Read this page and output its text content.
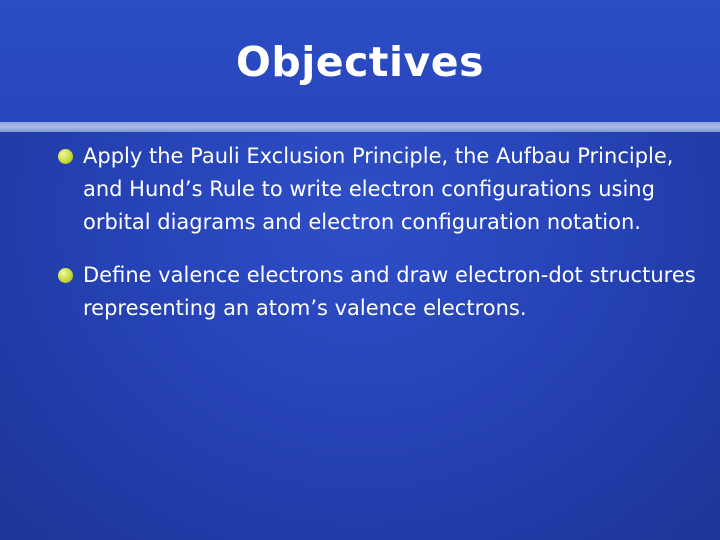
Objectives
Apply the Pauli Exclusion Principle, the Aufbau Principle, and Hund’s Rule to write electron configurations using orbital diagrams and electron configuration notation.
Define valence electrons and draw electron-dot structures representing an atom’s valence electrons.
